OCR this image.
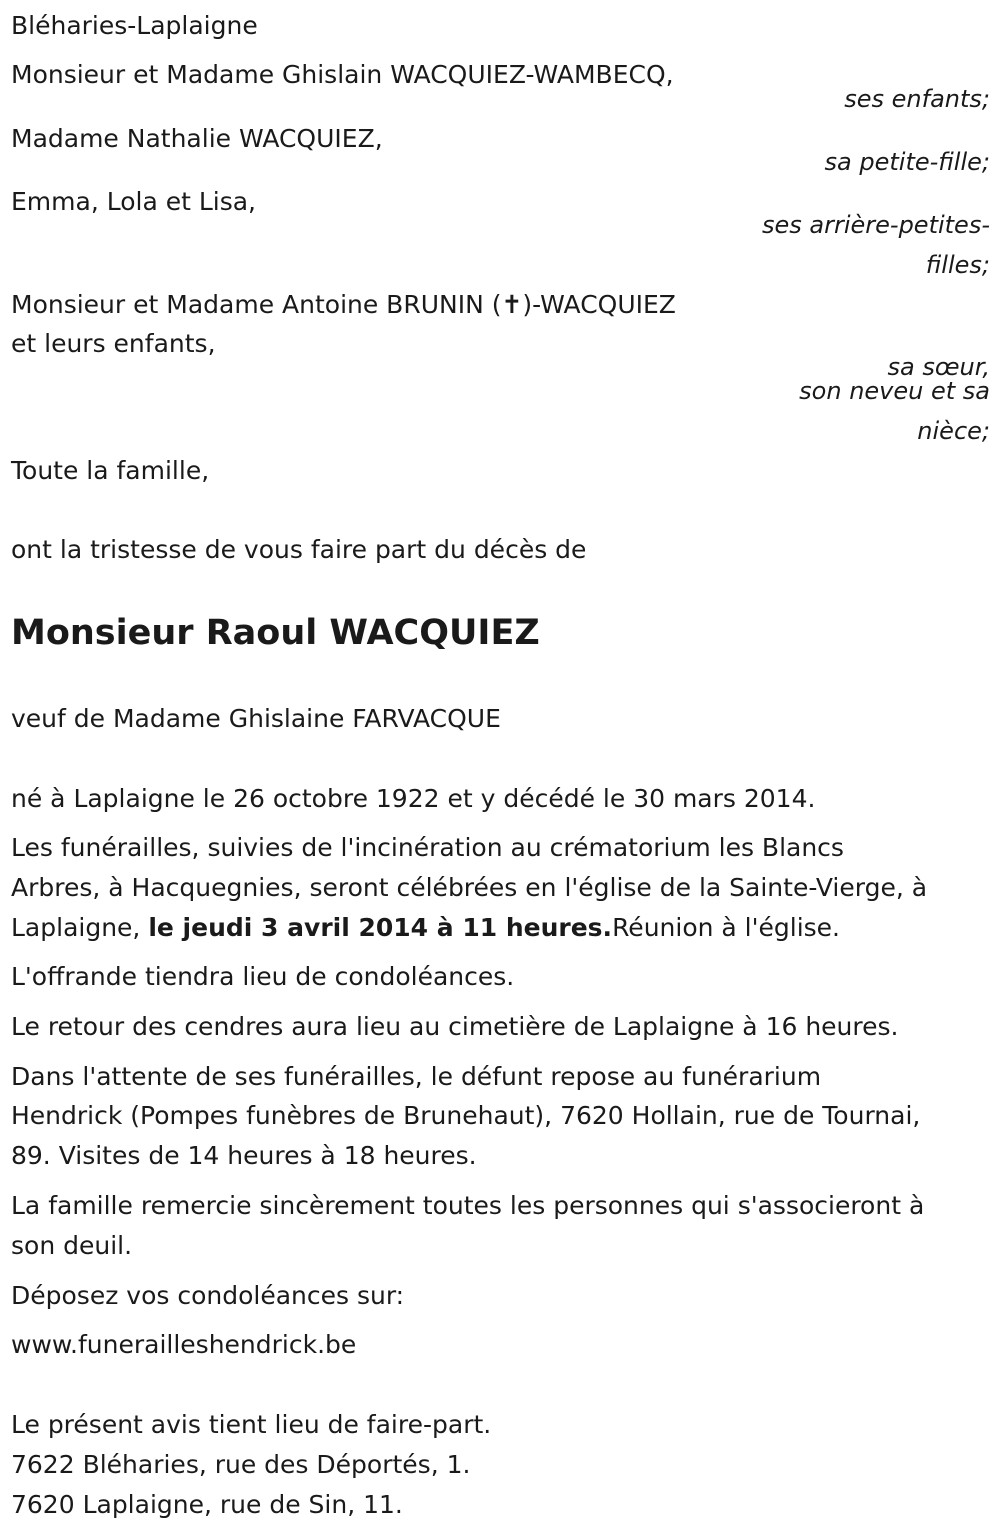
Bléharies-Laplaigne
Monsieur et Madame Ghislain WACQUIEZ-WAMBECQ,
ses enfants;
Madame Nathalie WACQUIEZ,
sa petite-fille;
Emma, Lola et Lisa,
ses arrière-petites-
filles;
Monsieur et Madame Antoine BRUNIN (✝)-WACQUIEZ
et leurs enfants,
sa sœur,
son neveu et sa
nièce;
Toute la famille,
ont la tristesse de vous faire part du décès de
Monsieur Raoul WACQUIEZ
veuf de Madame Ghislaine FARVACQUE
né à Laplaigne le 26 octobre 1922 et y décédé le 30 mars 2014.
Les funérailles, suivies de l'incinération au crématorium les Blancs
Arbres, à Hacquegnies, seront célébrées en l'église de la Sainte-Vierge, à
Laplaigne, le jeudi 3 avril 2014 à 11 heures.Réunion à l'église.
L'offrande tiendra lieu de condoléances.
Le retour des cendres aura lieu au cimetière de Laplaigne à 16 heures.
Dans l'attente de ses funérailles, le défunt repose au funérarium
Hendrick (Pompes funèbres de Brunehaut), 7620 Hollain, rue de Tournai,
89. Visites de 14 heures à 18 heures.
La famille remercie sincèrement toutes les personnes qui s'associeront à
son deuil.
Déposez vos condoléances sur:
www.funerailleshendrick.be
Le présent avis tient lieu de faire-part.
7622 Bléharies, rue des Déportés, 1.
7620 Laplaigne, rue de Sin, 11.
